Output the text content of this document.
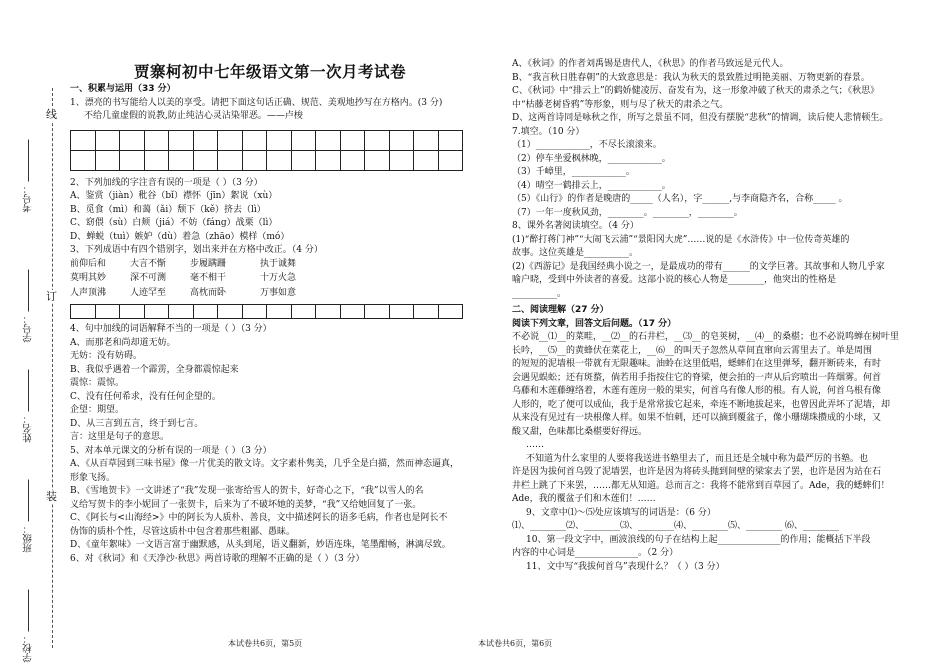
线
订
装
考号：
学号：
姓名：
班级：
学校：
贾寨柯初中七年级语文第一次月考试卷

一、积累与运用（33 分）

1、漂亮的书写能给人以美的享受。请把下面这句话正确、规范、美观地抄写在方格内。(3 分)

不给几童虚假的说教,防止纯洁心灵沾染罪恶。——卢梭

2、下列加线的字注音有误的一项是（ ）（3 分）

A、鉴赏（jiàn）秕谷（bǐ）襟怀（jīn）絮说（xù）

B、觅食（mì）和蔼（ǎi）颓下（kě）挤去（lì）

C、窈偎（sù）白颊（jiá）不妨（fáng）战栗（lì）

D、蝉蜕（tuì）嫉妒（dù）着急（zhāo）模样（mó）

3、下列成语中有四个错别字，划出来并在方格中改正。（4 分）

前仰后和	大言不惭	步履蹒跚	执于诚舞
莫明其妙	深不可测	毫不相干	十万火急
人声顶沸	人迹罕至	高枕而卧	万事如意

4、句中加线的词语解释不当的一项是（ ）（3 分）

A、而那老和尚却道无妨。

无妨：没有妨碍。

B、我似乎遇着一个霹雳，全身都震惊起来

震惊：震惊。

C、没有任何希求，没有任何企望的。

企望：期望。

D、从三言到五言，终于到七言。

言：这里是句子的意思。

5、对本单元课文的分析有误的一项是（ ）（3 分）

A、《从百草园到三味书屋》像一片优美的散文诗。文字素朴隽美，几乎全是白描，然而神态逼真，

形象飞扬。

B、《雪地贺卡》一文讲述了“我”发现一张寄给雪人的贺卡，好奇心之下，“我”以雪人的名

义给写贺卡的李小妮回了一张贺卡，后来为了不破坏她的美梦，“我”又给她回复了一张。

C、《阿长与<山海经>》中的阿长为人质朴、善良，文中描述阿长的语多毛病，作者也是阿长不

伪饰的质朴个性，尽管这质朴中包含着那些粗鄙、愚昧。

D、《童年絮味》一文语言富于幽默感，从头到尾，语义翻新，妙语连珠，笔墨酣畅，淋漓尽致。

6、对《秋词》和《天净沙·秋思》两首诗歌的理解不正确的是（ ）（3 分）

A、《秋词》的作者刘禹锡是唐代人，《秋思》的作者马致远是元代人。

B、“我言秋日胜春朝”的大致意思是：我认为秋天的景致胜过明艳美丽、万物更新的春景。

C、《秋词》中“排云上”的鹤娇健凌厉、奋发有为，这一形象冲破了秋天的肃杀之气；《秋思》

中“枯藤老树昏鸦”等形象，则与尽了秋天的肃杀之气。

D、这两首诗同是咏秋之作，所写之景虽不同，但没有摆脱“悲秋”的情调，读后使人悲情顿生。

7.填空。（10 分）

（1）____________，不尽长滚滚来。

（2）停车坐爱枫林晚，____________。

（3）千嶂里，____________。

（4）晴空一鹤排云上，____________。

（5）《山行》的作者是晚唐的_____（人名），字______,与李商隐齐名，合称_____ 。

（7）一年一度秋风劲，________。________，________。

8、课外名著阅读填空。（4 分）

(1)“醉打蒋门神”“大闹飞云浦”“景阳冈大虎”……说的是《水浒传》中一位传奇英雄的

故事。这位英雄是__________。

(2)《西游记》是我国经典小说之一，是最成功的带有______的文学巨著。其故事和人物几乎家

喻户晓，受到中外读者的喜爱。这部小说的核心人物是________，他突出的性格是

__________。

二、阅读理解（27 分）

阅读下列文章，回答文后问题。（17 分）

不必说__⑴__的菜畦，__⑵__的石井栏，__⑶__的皂荚树，__⑷__的桑椹；也不必说鸣蝉在树叶里

长吟，__⑸__的黄蜂伏在菜花上，__⑹__的叫天子忽然从草间直窜向云霄里去了。单是周围

的短短的泥墙根一带就有无限趣味。油蛉在这里低唱，蟋蟀们在这里弹琴，翻开断砖来，有时

会遇见蜈蚣；还有斑蝥，倘若用手指按住它的脊梁，便会拍的一声从后窍喷出一阵烟雾。何首

乌藤和木莲藤缠络着，木莲有莲房一般的果实，何首乌有像人形的根。有人说，何首乌根有像

人形的，吃了便可以成仙，我于是常常拔它起来，牵连不断地拔起来，也曾因此弄坏了泥墙，却

从来没有见过有一块根像人样。如果不怕刺，还可以摘到覆盆子，像小珊瑚珠攒成的小球，又

酸又甜，色味都比桑椹要好得远。

……

不知道为什么家里的人要将我送进书塾里去了，而且还是全城中称为最严厉的书塾。也

许是因为拔何首乌毁了泥墙罢，也许是因为将砖头抛到间壁的梁家去了罢，也许是因为站在石

井栏上跳了下来罢，……都无从知道。总而言之：我将不能常到百草园了。Ade，我的蟋蟀们！

Ade，我的覆盆子们和木莲们！……

9、文章中⑴～⑸处应该填写的词语是：（6 分）

⑴、________⑵、________⑶、________⑷、________⑸、________ ⑹、________

10、第一段文字中，画波浪线的句子在结构上起______________的作用；能概括下半段

内容的中心词是______________。（2 分）

11、文中写“我拔何首乌”表现什么？（ ）（3 分）

本试卷共6页，第5页	本试卷共6页，第6页
